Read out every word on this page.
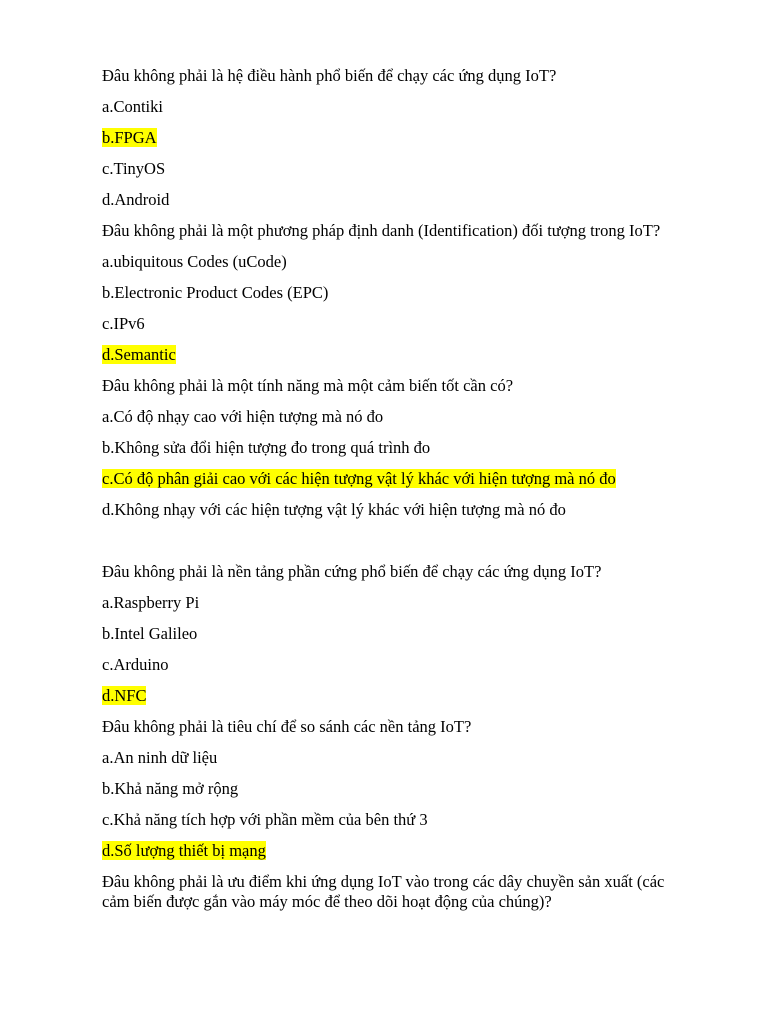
Đâu không phải là hệ điều hành phổ biến để chạy các ứng dụng IoT?
a.Contiki
b.FPGA
c.TinyOS
d.Android
Đâu không phải là một phương pháp định danh (Identification) đối tượng trong IoT?
a.ubiquitous Codes (uCode)
b.Electronic Product Codes (EPC)
c.IPv6
d.Semantic
Đâu không phải là một tính năng mà một cảm biến tốt cần có?
a.Có độ nhạy cao với hiện tượng mà nó đo
b.Không sửa đổi hiện tượng đo trong quá trình đo
c.Có độ phân giải cao với các hiện tượng vật lý khác với hiện tượng mà nó đo
d.Không nhạy với các hiện tượng vật lý khác với hiện tượng mà nó đo
Đâu không phải là nền tảng phần cứng phổ biến để chạy các ứng dụng IoT?
a.Raspberry Pi
b.Intel Galileo
c.Arduino
d.NFC
Đâu không phải là tiêu chí để so sánh các nền tảng IoT?
a.An ninh dữ liệu
b.Khả năng mở rộng
c.Khả năng tích hợp với phần mềm của bên thứ 3
d.Số lượng thiết bị mạng
Đâu không phải là ưu điểm khi ứng dụng IoT vào trong các dây chuyền sản xuất (các cảm biến được gắn vào máy móc để theo dõi hoạt động của chúng)?
